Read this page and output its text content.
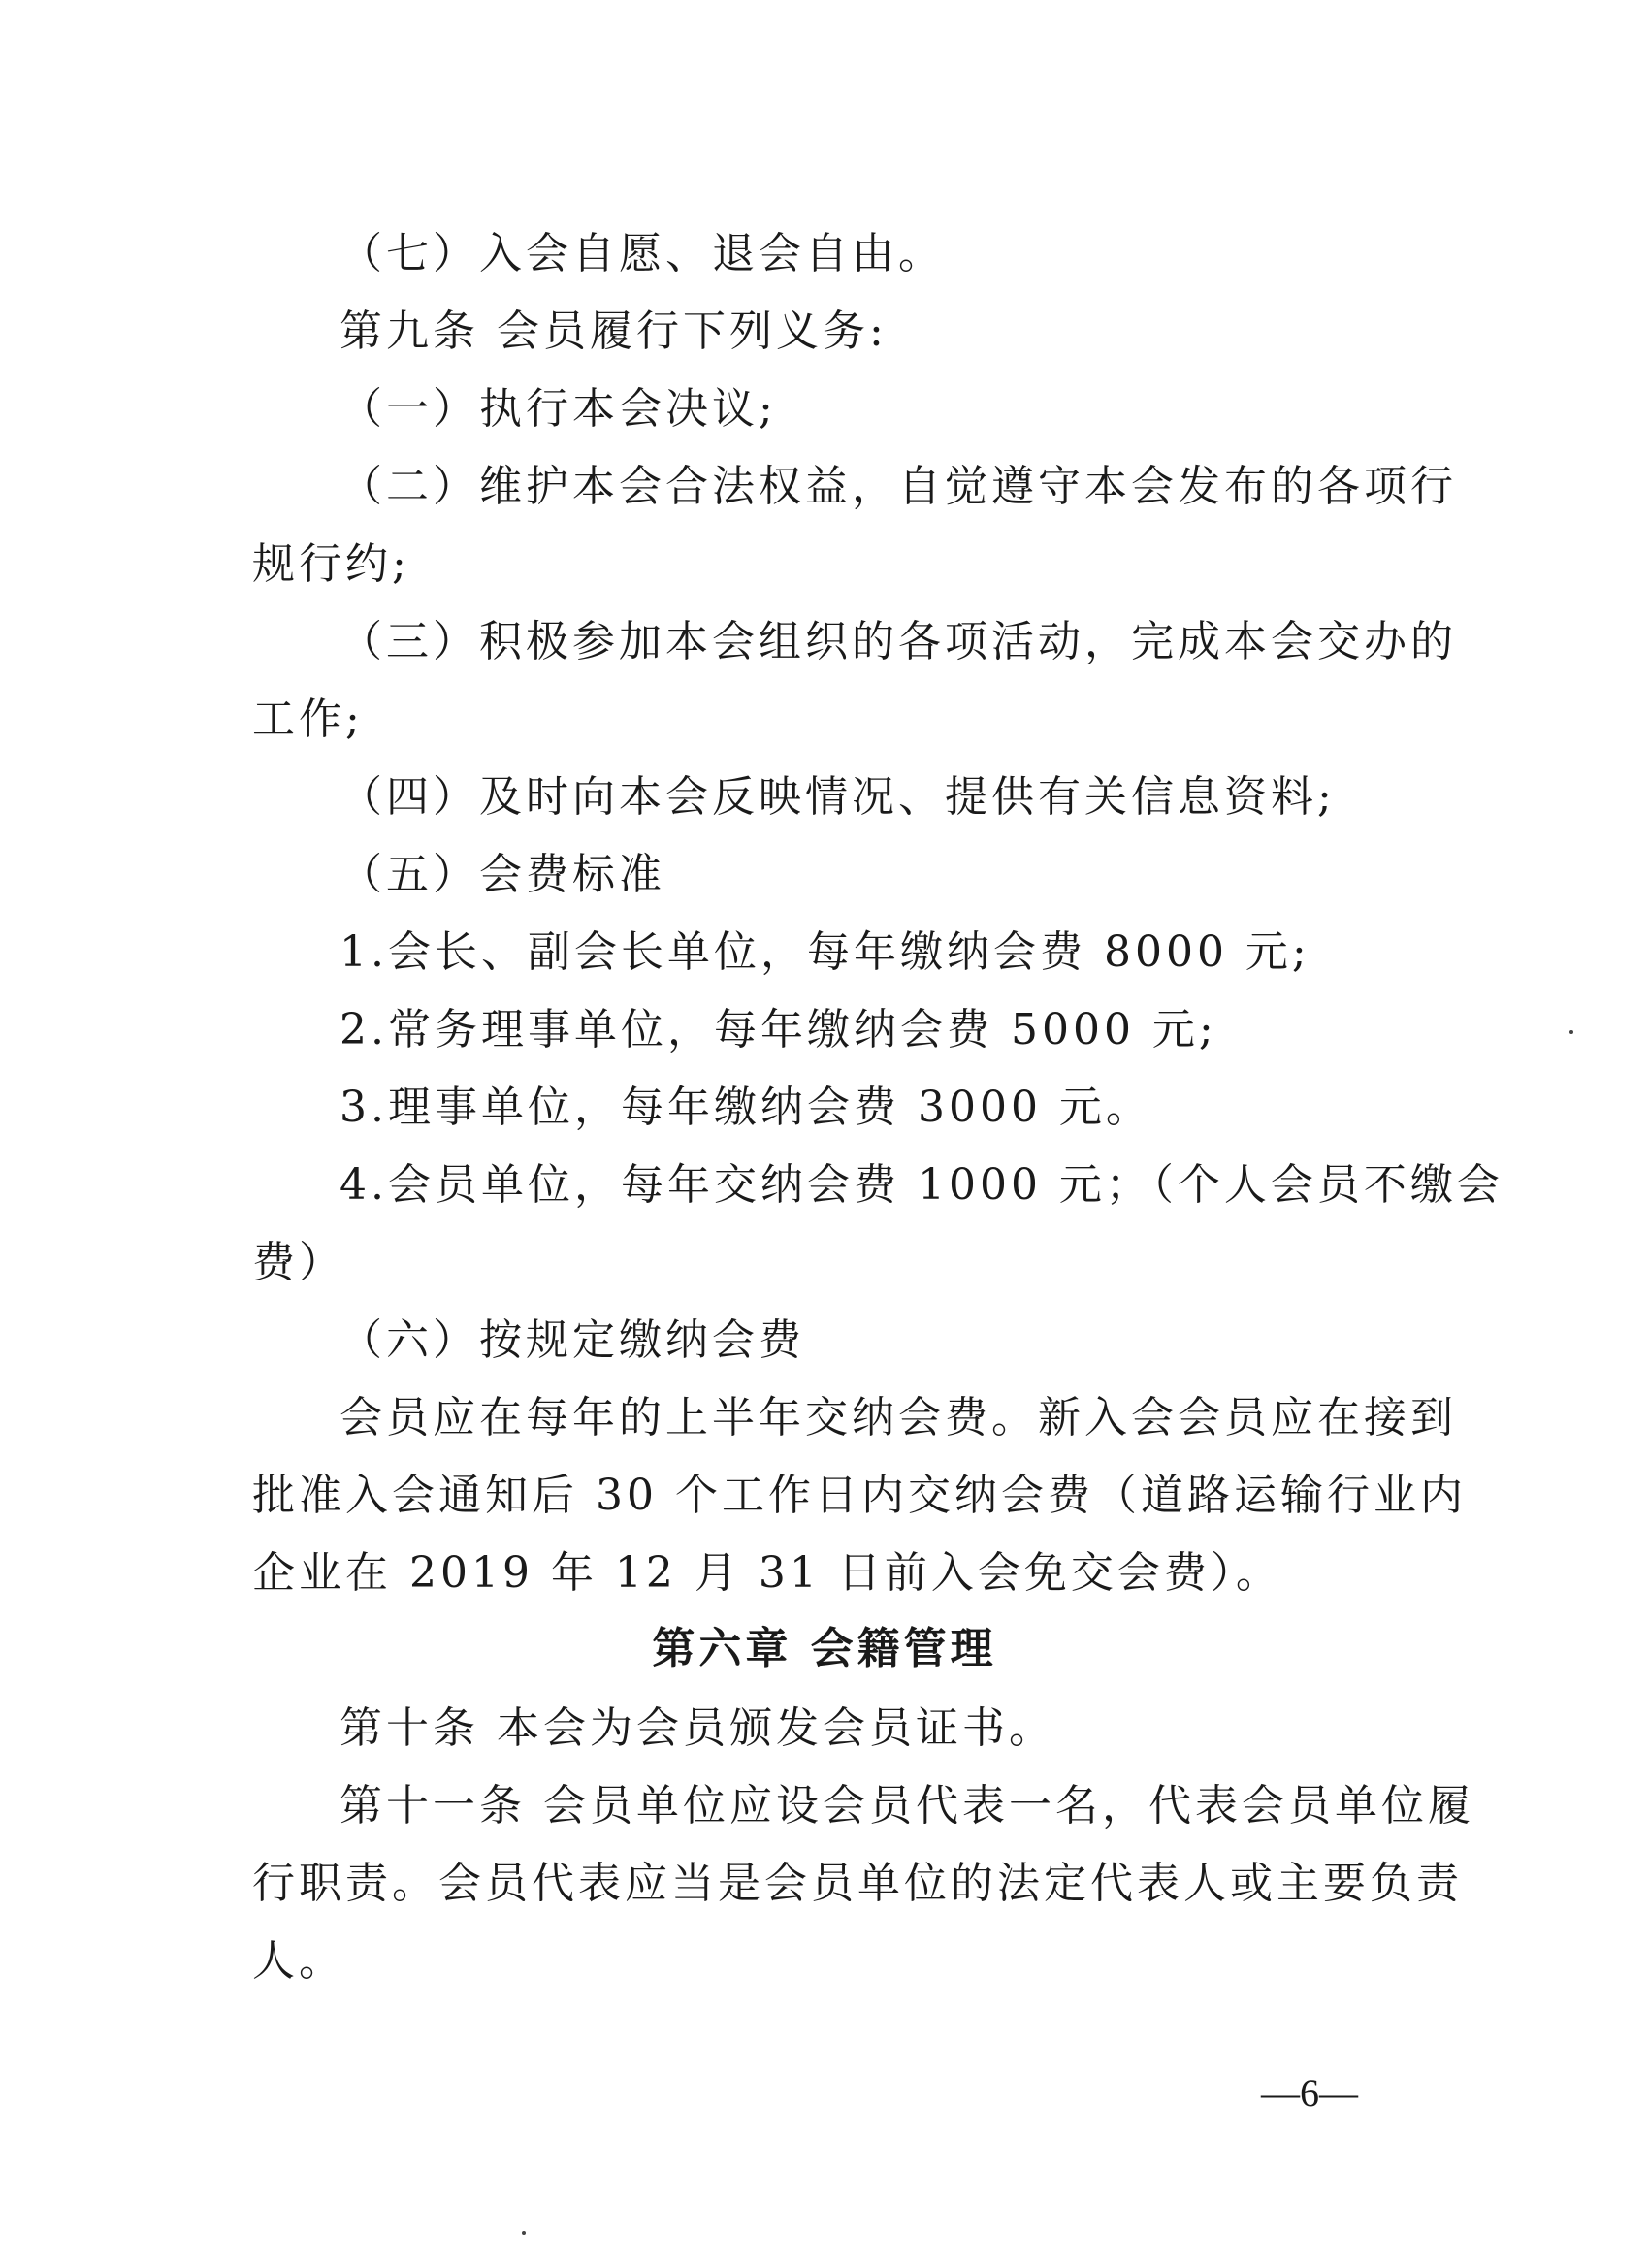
（七）入会自愿、退会自由。
第九条 会员履行下列义务:
（一）执行本会决议;
（二）维护本会合法权益，自觉遵守本会发布的各项行
规行约;
（三）积极参加本会组织的各项活动，完成本会交办的
工作;
（四）及时向本会反映情况、提供有关信息资料;
（五）会费标准
1.会长、副会长单位，每年缴纳会费 8000 元;
2.常务理事单位，每年缴纳会费 5000 元;
3.理事单位，每年缴纳会费 3000 元。
4.会员单位，每年交纳会费 1000 元；（个人会员不缴会
费）
（六）按规定缴纳会费
会员应在每年的上半年交纳会费。新入会会员应在接到
批准入会通知后 30 个工作日内交纳会费（道路运输行业内
企业在 2019 年 12 月 31 日前入会免交会费）。
第六章 会籍管理
第十条 本会为会员颁发会员证书。
第十一条 会员单位应设会员代表一名，代表会员单位履
行职责。会员代表应当是会员单位的法定代表人或主要负责
人。
—6—
